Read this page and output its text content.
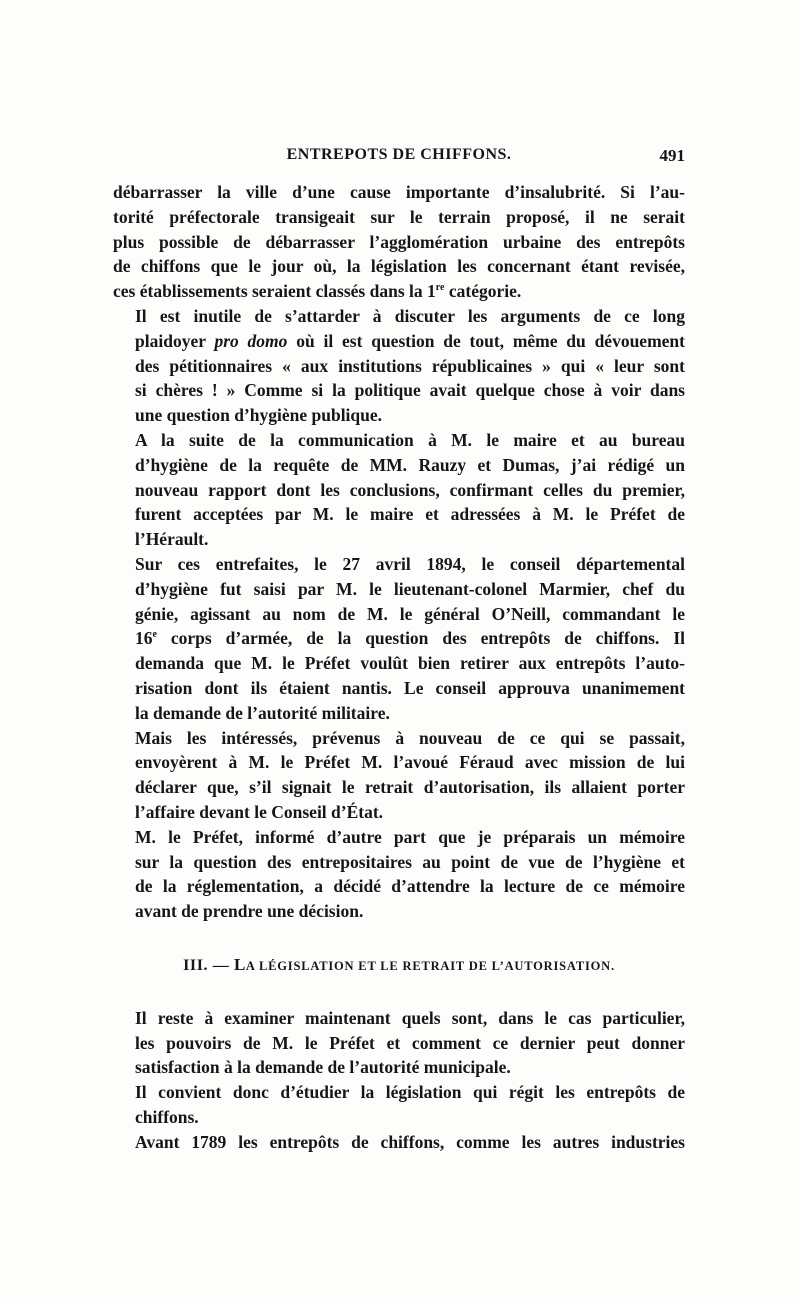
ENTREPOTS DE CHIFFONS.	491

débarrasser la ville d’une cause importante d’insalubrité. Si l’au-
torité préfectorale transigeait sur le terrain proposé, il ne serait
plus possible de débarrasser l’agglomération urbaine des entrepôts
de chiffons que le jour où, la législation les concernant étant revisée,
ces établissements seraient classés dans la 1re catégorie.

Il est inutile de s’attarder à discuter les arguments de ce long
plaidoyer pro domo où il est question de tout, même du dévouement
des pétitionnaires « aux institutions républicaines » qui « leur sont
si chères ! » Comme si la politique avait quelque chose à voir dans
une question d’hygiène publique.

A la suite de la communication à M. le maire et au bureau
d’hygiène de la requête de MM. Rauzy et Dumas, j’ai rédigé un
nouveau rapport dont les conclusions, confirmant celles du premier,
furent acceptées par M. le maire et adressées à M. le Préfet de
l’Hérault.

Sur ces entrefaites, le 27 avril 1894, le conseil départemental
d’hygiène fut saisi par M. le lieutenant-colonel Marmier, chef du
génie, agissant au nom de M. le général O’Neill, commandant le
16e corps d’armée, de la question des entrepôts de chiffons. Il
demanda que M. le Préfet voulût bien retirer aux entrepôts l’auto-
risation dont ils étaient nantis. Le conseil approuva unanimement
la demande de l’autorité militaire.

Mais les intéressés, prévenus à nouveau de ce qui se passait,
envoyèrent à M. le Préfet M. l’avoué Féraud avec mission de lui
déclarer que, s’il signait le retrait d’autorisation, ils allaient porter
l’affaire devant le Conseil d’État.

M. le Préfet, informé d’autre part que je préparais un mémoire
sur la question des entrepositaires au point de vue de l’hygiène et
de la réglementation, a décidé d’attendre la lecture de ce mémoire
avant de prendre une décision.

III. — LA LÉGISLATION ET LE RETRAIT DE L’AUTORISATION.

Il reste à examiner maintenant quels sont, dans le cas particulier,
les pouvoirs de M. le Préfet et comment ce dernier peut donner
satisfaction à la demande de l’autorité municipale.

Il convient donc d’étudier la législation qui régit les entrepôts de
chiffons.

Avant 1789 les entrepôts de chiffons, comme les autres industries
